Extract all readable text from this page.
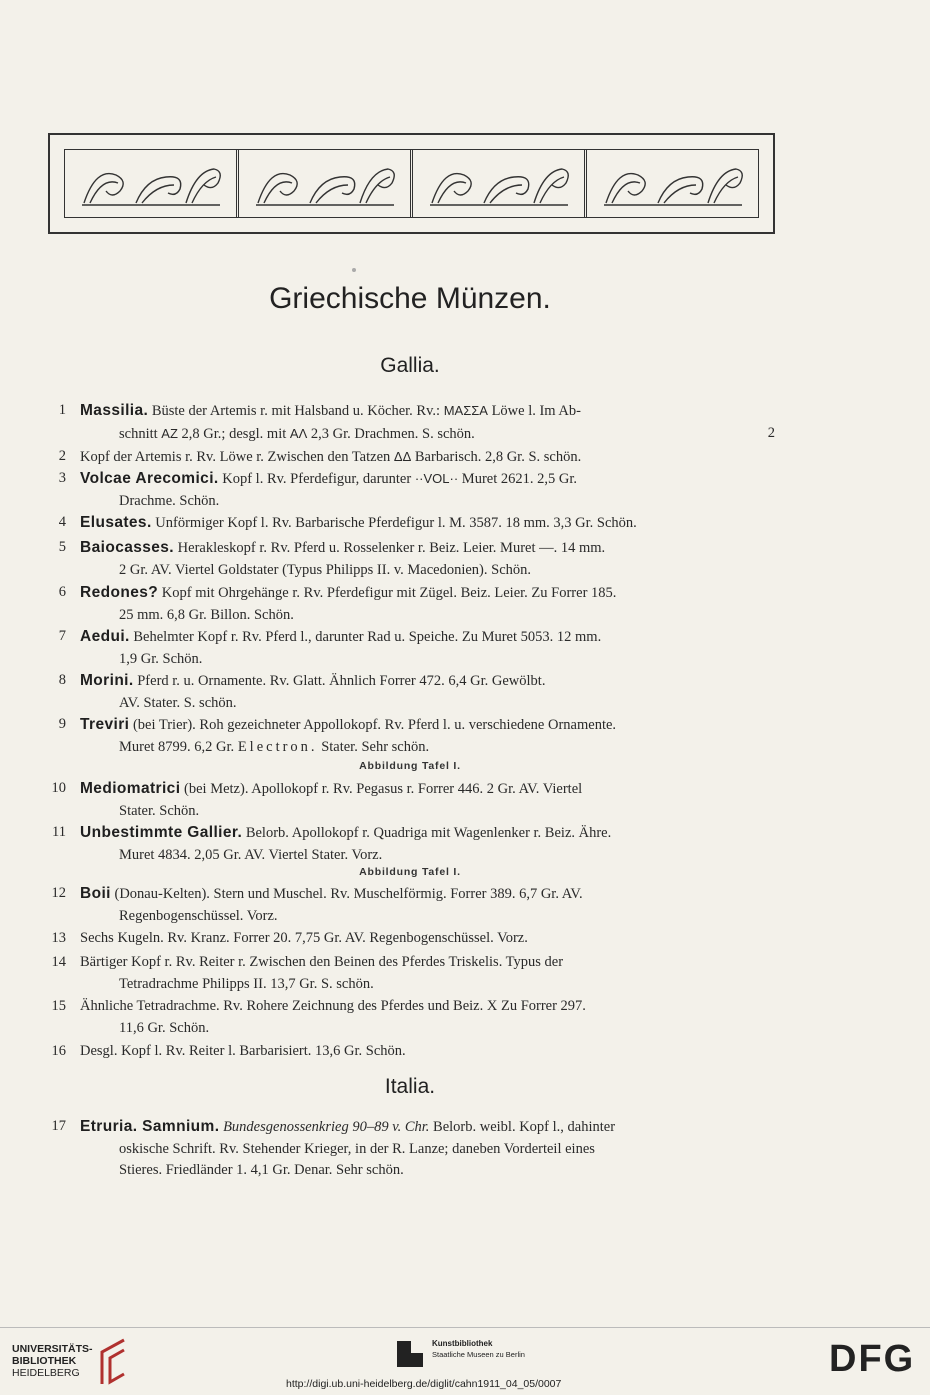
Griechische Münzen.
Gallia.
1 Massilia. Büste der Artemis r. mit Halsband u. Köcher. Rv.: ΜΑΣΣΑ Löwe l. Im Ab-
schnitt ΑΖ 2,8 Gr.; desgl. mit ΑΛ 2,3 Gr. Drachmen. S. schön.	2
2 Kopf der Artemis r. Rv. Löwe r. Zwischen den Tatzen ΔΔ Barbarisch. 2,8 Gr. S. schön.
3 Volcae Arecomici. Kopf l. Rv. Pferdefigur, darunter ··VOL·· Muret 2621. 2,5 Gr.
Drachme. Schön.
4 Elusates. Unförmiger Kopf l. Rv. Barbarische Pferdefigur l. M. 3587. 18 mm. 3,3 Gr. Schön.
5 Baiocasses. Herakleskopf r. Rv. Pferd u. Rosselenker r. Beiz. Leier. Muret —. 14 mm.
2 Gr. AV. Viertel Goldstater (Typus Philipps II. v. Macedonien). Schön.
6 Redones? Kopf mit Ohrgehänge r. Rv. Pferdefigur mit Zügel. Beiz. Leier. Zu Forrer 185.
25 mm. 6,8 Gr. Billon. Schön.
7 Aedui. Behelmter Kopf r. Rv. Pferd l., darunter Rad u. Speiche. Zu Muret 5053. 12 mm.
1,9 Gr. Schön.
8 Morini. Pferd r. u. Ornamente. Rv. Glatt. Ähnlich Forrer 472. 6,4 Gr. Gewölbt.
AV. Stater. S. schön.
9 Treviri (bei Trier). Roh gezeichneter Appollokopf. Rv. Pferd l. u. verschiedene Ornamente.
Muret 8799. 6,2 Gr. Electron. Stater. Sehr schön.
Abbildung Tafel I.
10 Mediomatrici (bei Metz). Apollokopf r. Rv. Pegasus r. Forrer 446. 2 Gr. AV. Viertel
Stater. Schön.
11 Unbestimmte Gallier. Belorb. Apollokopf r. Quadriga mit Wagenlenker r. Beiz. Ähre.
Muret 4834. 2,05 Gr. AV. Viertel Stater. Vorz.
Abbildung Tafel I.
12 Boii (Donau-Kelten). Stern und Muschel. Rv. Muschelförmig. Forrer 389. 6,7 Gr. AV.
Regenbogenschüssel. Vorz.
13 Sechs Kugeln. Rv. Kranz. Forrer 20. 7,75 Gr. AV. Regenbogenschüssel. Vorz.
14 Bärtiger Kopf r. Rv. Reiter r. Zwischen den Beinen des Pferdes Triskelis. Typus der
Tetradrachme Philipps II. 13,7 Gr. S. schön.
15 Ähnliche Tetradrachme. Rv. Rohere Zeichnung des Pferdes und Beiz. X Zu Forrer 297.
11,6 Gr. Schön.
16 Desgl. Kopf l. Rv. Reiter l. Barbarisiert. 13,6 Gr. Schön.
Italia.
17 Etruria. Samnium. Bundesgenossenkrieg 90–89 v. Chr. Belorb. weibl. Kopf l., dahinter
oskische Schrift. Rv. Stehender Krieger, in der R. Lanze; daneben Vorderteil eines
Stieres. Friedländer 1. 4,1 Gr. Denar. Sehr schön.
UNIVERSITÄTS-
BIBLIOTHEK
HEIDELBERG
Kunstbibliothek
Staatliche Museen zu Berlin	DFG
http://digi.ub.uni-heidelberg.de/diglit/cahn1911_04_05/0007
